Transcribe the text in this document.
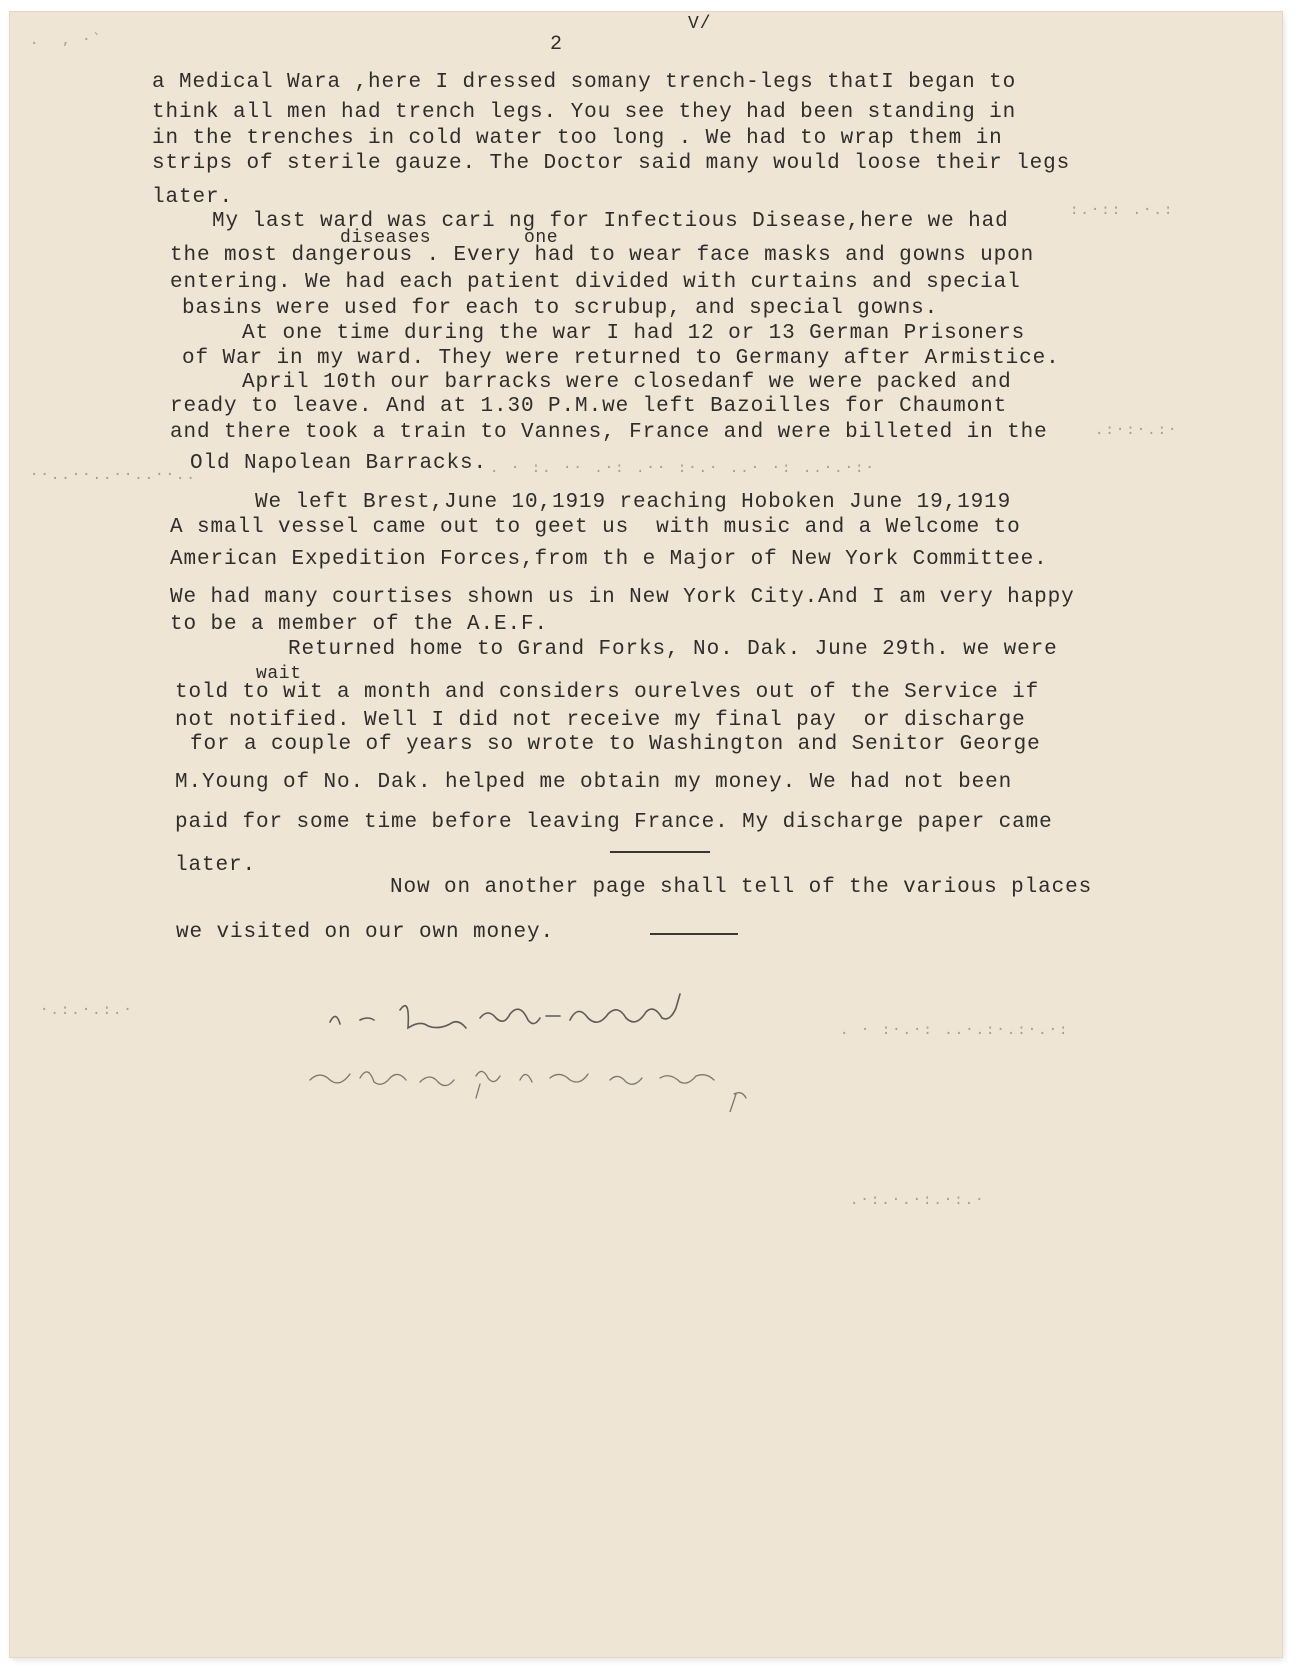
V/
2
a Medical Wara ,here I dressed somany trench-legs thatI began to
think all men had trench legs. You see they had been standing in
in the trenches in cold water too long . We had to wrap them in
strips of sterile gauze. The Doctor said many would loose their legs
later.
My last ward was cari ng for Infectious Disease,here we had
diseases	one
the most dangerous . Every had to wear face masks and gowns upon
entering. We had each patient divided with curtains and special
basins were used for each to scrubup, and special gowns.
At one time during the war I had 12 or 13 German Prisoners
of War in my ward. They were returned to Germany after Armistice.
April 10th our barracks were closedanf we were packed and
ready to leave. And at 1.30 P.M.we left Bazoilles for Chaumont
and there took a train to Vannes, France and were billeted in the
Old Napolean Barracks.
We left Brest,June 10,1919 reaching Hoboken June 19,1919
A small vessel came out to geet us  with music and a Welcome to
American Expedition Forces,from th e Major of New York Committee.
We had many courtises shown us in New York City.And I am very happy
to be a member of the A.E.F.
Returned home to Grand Forks, No. Dak. June 29th. we were
wait
told to wit a month and considers ourelves out of the Service if
not notified. Well I did not receive my final pay  or discharge
for a couple of years so wrote to Washington and Senitor George
M.Young of No. Dak. helped me obtain my money. We had not been
paid for some time before leaving France. My discharge paper came
later.
Now on another page shall tell of the various places
we visited on our own money.
.  , ·`
:.·:: .·.:
··..··..··..··..	. · :. ·· .·: .·· :·.· ..· ·: ..·.·:·
.:·:·.:·
·.:.·.:.·
. · :·.·: ..·.:·.:·.·:
.·:.·.·:.·:.·
